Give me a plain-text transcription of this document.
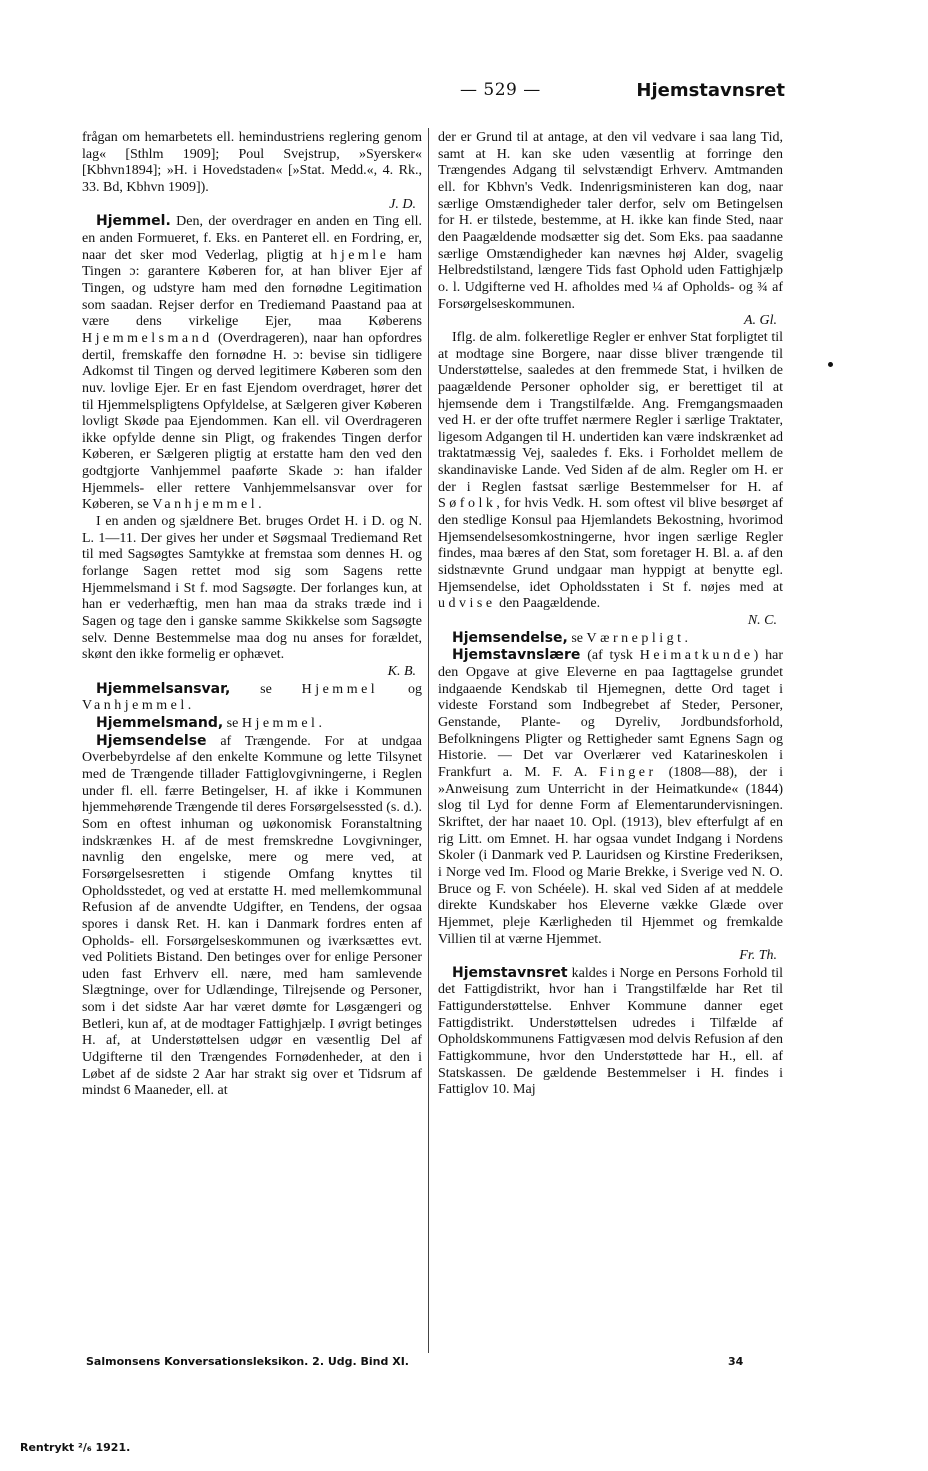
— 529 —	Hjemstavnsret

frågan om hemarbetets ell. hemindustriens reglering genom lag« [Sthlm 1909]; Poul Svejstrup, »Syersker« [Kbhvn1894]; »H. i Hovedstaden« [»Stat. Medd.«, 4. Rk., 33. Bd, Kbhvn 1909]).

J. D.

Hjemmel. Den, der overdrager en anden en Ting ell. en anden Formueret, f. Eks. en Panteret ell. en Fordring, er, naar det sker mod Vederlag, pligtig at hjemle ham Tingen ɔ: garantere Køberen for, at han bliver Ejer af Tingen, og udstyre ham med den fornødne Legitimation som saadan. Rejser derfor en Trediemand Paastand paa at være dens virkelige Ejer, maa Køberens Hjemmelsmand (Overdrageren), naar han opfordres dertil, fremskaffe den fornødne H. ɔ: bevise sin tidligere Adkomst til Tingen og derved legitimere Køberen som den nuv. lovlige Ejer. Er en fast Ejendom overdraget, hører det til Hjemmelspligtens Opfyldelse, at Sælgeren giver Køberen lovligt Skøde paa Ejendommen. Kan ell. vil Overdrageren ikke opfylde denne sin Pligt, og frakendes Tingen derfor Køberen, er Sælgeren pligtig at erstatte ham den ved den godtgjorte Vanhjemmel paaførte Skade ɔ: han ifalder Hjemmels- eller rettere Vanhjemmelsansvar over for Køberen, se Vanhjemmel.

I en anden og sjældnere Bet. bruges Ordet H. i D. og N. L. 1—11. Der gives her under et Søgsmaal Trediemand Ret til med Sagsøgtes Samtykke at fremstaa som dennes H. og forlange Sagen rettet mod sig som Sagens rette Hjemmelsmand i St f. mod Sagsøgte. Der forlanges kun, at han er vederhæftig, men han maa da straks træde ind i Sagen og tage den i ganske samme Skikkelse som Sagsøgte selv. Denne Bestemmelse maa dog nu anses for forældet, skønt den ikke formelig er ophævet.

K. B.

Hjemmelsansvar, se Hjemmel og Vanhjemmel.

Hjemmelsmand, se Hjemmel.

Hjemsendelse af Trængende. For at undgaa Overbebyrdelse af den enkelte Kommune og lette Tilsynet med de Trængende tillader Fattiglovgivningerne, i Reglen under fl. ell. færre Betingelser, H. af ikke i Kommunen hjemmehørende Trængende til deres Forsørgelsessted (s. d.). Som en oftest inhuman og uøkonomisk Foranstaltning indskrænkes H. af de mest fremskredne Lovgivninger, navnlig den engelske, mere og mere ved, at Forsørgelsesretten i stigende Omfang knyttes til Opholdsstedet, og ved at erstatte H. med mellemkommunal Refusion af de anvendte Udgifter, en Tendens, der ogsaa spores i dansk Ret. H. kan i Danmark fordres enten af Opholds- ell. Forsørgelseskommunen og iværksættes evt. ved Politiets Bistand. Den betinges over for enlige Personer uden fast Erhverv ell. nære, med ham samlevende Slægtninge, over for Udlændinge, Tilrejsende og Personer, som i det sidste Aar har været dømte for Løsgængeri og Betleri, kun af, at de modtager Fattighjælp. I øvrigt betinges H. af, at Understøttelsen udgør en væsentlig Del af Udgifterne til den Trængendes Fornødenheder, at den i Løbet af de sidste 2 Aar har strakt sig over et Tidsrum af mindst 6 Maaneder, ell. at

der er Grund til at antage, at den vil vedvare i saa lang Tid, samt at H. kan ske uden væsentlig at forringe den Trængendes Adgang til selvstændigt Erhverv. Amtmanden ell. for Kbhvn's Vedk. Indenrigsministeren kan dog, naar særlige Omstændigheder taler derfor, selv om Betingelsen for H. er tilstede, bestemme, at H. ikke kan finde Sted, naar den Paagældende modsætter sig det. Som Eks. paa saadanne særlige Omstændigheder kan nævnes høj Alder, svagelig Helbredstilstand, længere Tids fast Ophold uden Fattighjælp o. l. Udgifterne ved H. afholdes med ¼ af Opholds- og ¾ af Forsørgelseskommunen.

A. Gl.

Iflg. de alm. folkeretlige Regler er enhver Stat forpligtet til at modtage sine Borgere, naar disse bliver trængende til Understøttelse, saaledes at den fremmede Stat, i hvilken de paagældende Personer opholder sig, er berettiget til at hjemsende dem i Trangstilfælde. Ang. Fremgangsmaaden ved H. er der ofte truffet nærmere Regler i særlige Traktater, ligesom Adgangen til H. undertiden kan være indskrænket ad traktatmæssig Vej, saaledes f. Eks. i Forholdet mellem de skandinaviske Lande. Ved Siden af de alm. Regler om H. er der i Reglen fastsat særlige Bestemmelser for H. af Søfolk, for hvis Vedk. H. som oftest vil blive besørget af den stedlige Konsul paa Hjemlandets Bekostning, hvorimod Hjemsendelsesomkostningerne, hvor ingen særlige Regler findes, maa bæres af den Stat, som foretager H. Bl. a. af den sidstnævnte Grund undgaar man hyppigt at benytte egl. Hjemsendelse, idet Opholdsstaten i St f. nøjes med at udvise den Paagældende.

N. C.

Hjemsendelse, se Værnepligt.

Hjemstavnslære (af tysk Heimatkunde) har den Opgave at give Eleverne en paa Iagttagelse grundet indgaaende Kendskab til Hjemegnen, dette Ord taget i videste Forstand som Indbegrebet af Steder, Personer, Genstande, Plante- og Dyreliv, Jordbundsforhold, Befolkningens Pligter og Rettigheder samt Egnens Sagn og Historie. — Det var Overlærer ved Katarineskolen i Frankfurt a. M. F. A. Finger (1808—88), der i »Anweisung zum Unterricht in der Heimatkunde« (1844) slog til Lyd for denne Form af Elementarundervisningen. Skriftet, der har naaet 10. Opl. (1913), blev efterfulgt af en rig Litt. om Emnet. H. har ogsaa vundet Indgang i Nordens Skoler (i Danmark ved P. Lauridsen og Kirstine Frederiksen, i Norge ved Im. Flood og Marie Brekke, i Sverige ved N. O. Bruce og F. von Schéele). H. skal ved Siden af at meddele direkte Kundskaber hos Eleverne vække Glæde over Hjemmet, pleje Kærligheden til Hjemmet og fremkalde Villien til at værne Hjemmet.

Fr. Th.

Hjemstavnsret kaldes i Norge en Persons Forhold til det Fattigdistrikt, hvor han i Trangstilfælde har Ret til Fattigunderstøttelse. Enhver Kommune danner eget Fattigdistrikt. Understøttelsen udredes i Tilfælde af Opholdskommunens Fattigvæsen mod delvis Refusion af den Fattigkommune, hvor den Understøttede har H., ell. af Statskassen. De gældende Bestemmelser i H. findes i Fattiglov 10. Maj

Salmonsens Konversationsleksikon. 2. Udg. Bind XI.	34
Rentrykt ²/₆ 1921.
